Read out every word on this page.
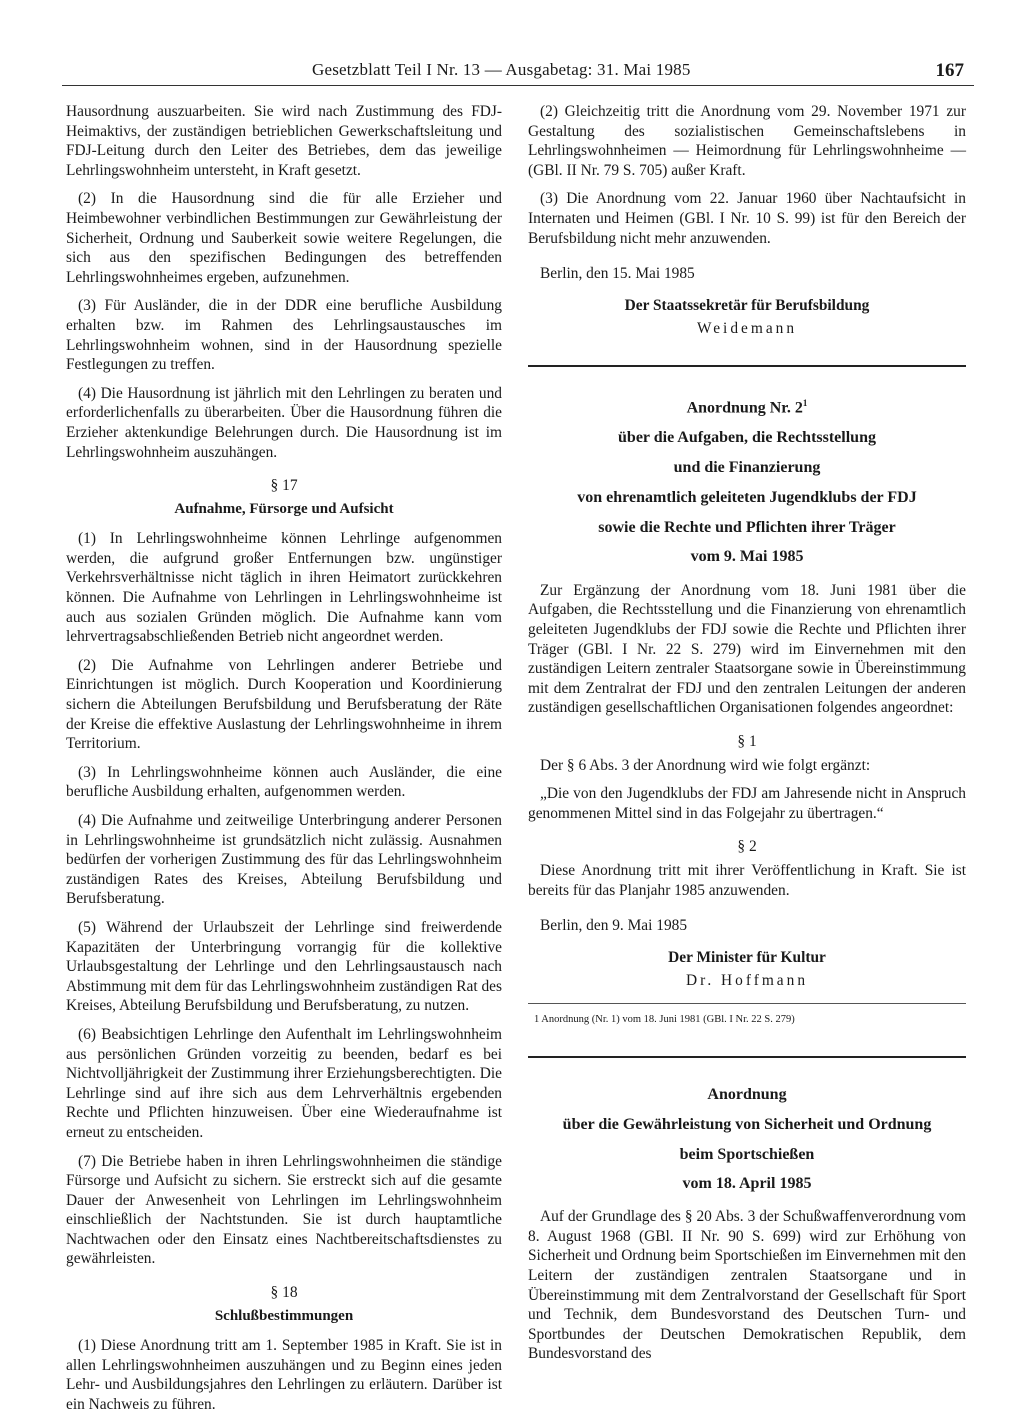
Gesetzblatt Teil I Nr. 13 — Ausgabetag: 31. Mai 1985	167

Hausordnung auszuarbeiten. Sie wird nach Zustimmung des FDJ-Heimaktivs, der zuständigen betrieblichen Gewerkschaftsleitung und FDJ-Leitung durch den Leiter des Betriebes, dem das jeweilige Lehrlingswohnheim untersteht, in Kraft gesetzt.

(2) In die Hausordnung sind die für alle Erzieher und Heimbewohner verbindlichen Bestimmungen zur Gewährleistung der Sicherheit, Ordnung und Sauberkeit sowie weitere Regelungen, die sich aus den spezifischen Bedingungen des betreffenden Lehrlingswohnheimes ergeben, aufzunehmen.

(3) Für Ausländer, die in der DDR eine berufliche Ausbildung erhalten bzw. im Rahmen des Lehrlingsaustausches im Lehrlingswohnheim wohnen, sind in der Hausordnung spezielle Festlegungen zu treffen.

(4) Die Hausordnung ist jährlich mit den Lehrlingen zu beraten und erforderlichenfalls zu überarbeiten. Über die Hausordnung führen die Erzieher aktenkundige Belehrungen durch. Die Hausordnung ist im Lehrlingswohnheim auszuhängen.

§ 17
Aufnahme, Fürsorge und Aufsicht

(1) In Lehrlingswohnheime können Lehrlinge aufgenommen werden, die aufgrund großer Entfernungen bzw. ungünstiger Verkehrsverhältnisse nicht täglich in ihren Heimatort zurückkehren können. Die Aufnahme von Lehrlingen in Lehrlingswohnheime ist auch aus sozialen Gründen möglich. Die Aufnahme kann vom lehrvertragsabschließenden Betrieb nicht angeordnet werden.

(2) Die Aufnahme von Lehrlingen anderer Betriebe und Einrichtungen ist möglich. Durch Kooperation und Koordinierung sichern die Abteilungen Berufsbildung und Berufsberatung der Räte der Kreise die effektive Auslastung der Lehrlingswohnheime in ihrem Territorium.

(3) In Lehrlingswohnheime können auch Ausländer, die eine berufliche Ausbildung erhalten, aufgenommen werden.

(4) Die Aufnahme und zeitweilige Unterbringung anderer Personen in Lehrlingswohnheime ist grundsätzlich nicht zulässig. Ausnahmen bedürfen der vorherigen Zustimmung des für das Lehrlingswohnheim zuständigen Rates des Kreises, Abteilung Berufsbildung und Berufsberatung.

(5) Während der Urlaubszeit der Lehrlinge sind freiwerdende Kapazitäten der Unterbringung vorrangig für die kollektive Urlaubsgestaltung der Lehrlinge und den Lehrlingsaustausch nach Abstimmung mit dem für das Lehrlingswohnheim zuständigen Rat des Kreises, Abteilung Berufsbildung und Berufsberatung, zu nutzen.

(6) Beabsichtigen Lehrlinge den Aufenthalt im Lehrlingswohnheim aus persönlichen Gründen vorzeitig zu beenden, bedarf es bei Nichtvolljährigkeit der Zustimmung ihrer Erziehungsberechtigten. Die Lehrlinge sind auf ihre sich aus dem Lehrverhältnis ergebenden Rechte und Pflichten hinzuweisen. Über eine Wiederaufnahme ist erneut zu entscheiden.

(7) Die Betriebe haben in ihren Lehrlingswohnheimen die ständige Fürsorge und Aufsicht zu sichern. Sie erstreckt sich auf die gesamte Dauer der Anwesenheit von Lehrlingen im Lehrlingswohnheim einschließlich der Nachtstunden. Sie ist durch hauptamtliche Nachtwachen oder den Einsatz eines Nachtbereitschaftsdienstes zu gewährleisten.

§ 18
Schlußbestimmungen

(1) Diese Anordnung tritt am 1. September 1985 in Kraft. Sie ist in allen Lehrlingswohnheimen auszuhängen und zu Beginn eines jeden Lehr- und Ausbildungsjahres den Lehrlingen zu erläutern. Darüber ist ein Nachweis zu führen.

(2) Gleichzeitig tritt die Anordnung vom 29. November 1971 zur Gestaltung des sozialistischen Gemeinschaftslebens in Lehrlingswohnheimen — Heimordnung für Lehrlingswohnheime — (GBl. II Nr. 79 S. 705) außer Kraft.

(3) Die Anordnung vom 22. Januar 1960 über Nachtaufsicht in Internaten und Heimen (GBl. I Nr. 10 S. 99) ist für den Bereich der Berufsbildung nicht mehr anzuwenden.

Berlin, den 15. Mai 1985
Der Staatssekretär für Berufsbildung
Weidemann

Anordnung Nr. $2^1$

über die Aufgaben, die Rechtsstellung

und die Finanzierung

von ehrenamtlich geleiteten Jugendklubs der FDJ

sowie die Rechte und Pflichten ihrer Träger

vom 9. Mai 1985

Zur Ergänzung der Anordnung vom 18. Juni 1981 über die Aufgaben, die Rechtsstellung und die Finanzierung von ehrenamtlich geleiteten Jugendklubs der FDJ sowie die Rechte und Pflichten ihrer Träger (GBl. I Nr. 22 S. 279) wird im Einvernehmen mit den zuständigen Leitern zentraler Staatsorgane sowie in Übereinstimmung mit dem Zentralrat der FDJ und den zentralen Leitungen der anderen zuständigen gesellschaftlichen Organisationen folgendes angeordnet:

§ 1

Der § 6 Abs. 3 der Anordnung wird wie folgt ergänzt:

„Die von den Jugendklubs der FDJ am Jahresende nicht in Anspruch genommenen Mittel sind in das Folgejahr zu übertragen.“

§ 2

Diese Anordnung tritt mit ihrer Veröffentlichung in Kraft. Sie ist bereits für das Planjahr 1985 anzuwenden.

Berlin, den 9. Mai 1985
Der Minister für Kultur
Dr. Hoffmann
1 Anordnung (Nr. 1) vom 18. Juni 1981 (GBl. I Nr. 22 S. 279)

Anordnung

über die Gewährleistung von Sicherheit und Ordnung

beim Sportschießen

vom 18. April 1985

Auf der Grundlage des § 20 Abs. 3 der Schußwaffenverordnung vom 8. August 1968 (GBl. II Nr. 90 S. 699) wird zur Erhöhung von Sicherheit und Ordnung beim Sportschießen im Einvernehmen mit den Leitern der zuständigen zentralen Staatsorgane und in Übereinstimmung mit dem Zentralvorstand der Gesellschaft für Sport und Technik, dem Bundesvorstand des Deutschen Turn- und Sportbundes der Deutschen Demokratischen Republik, dem Bundesvorstand des
